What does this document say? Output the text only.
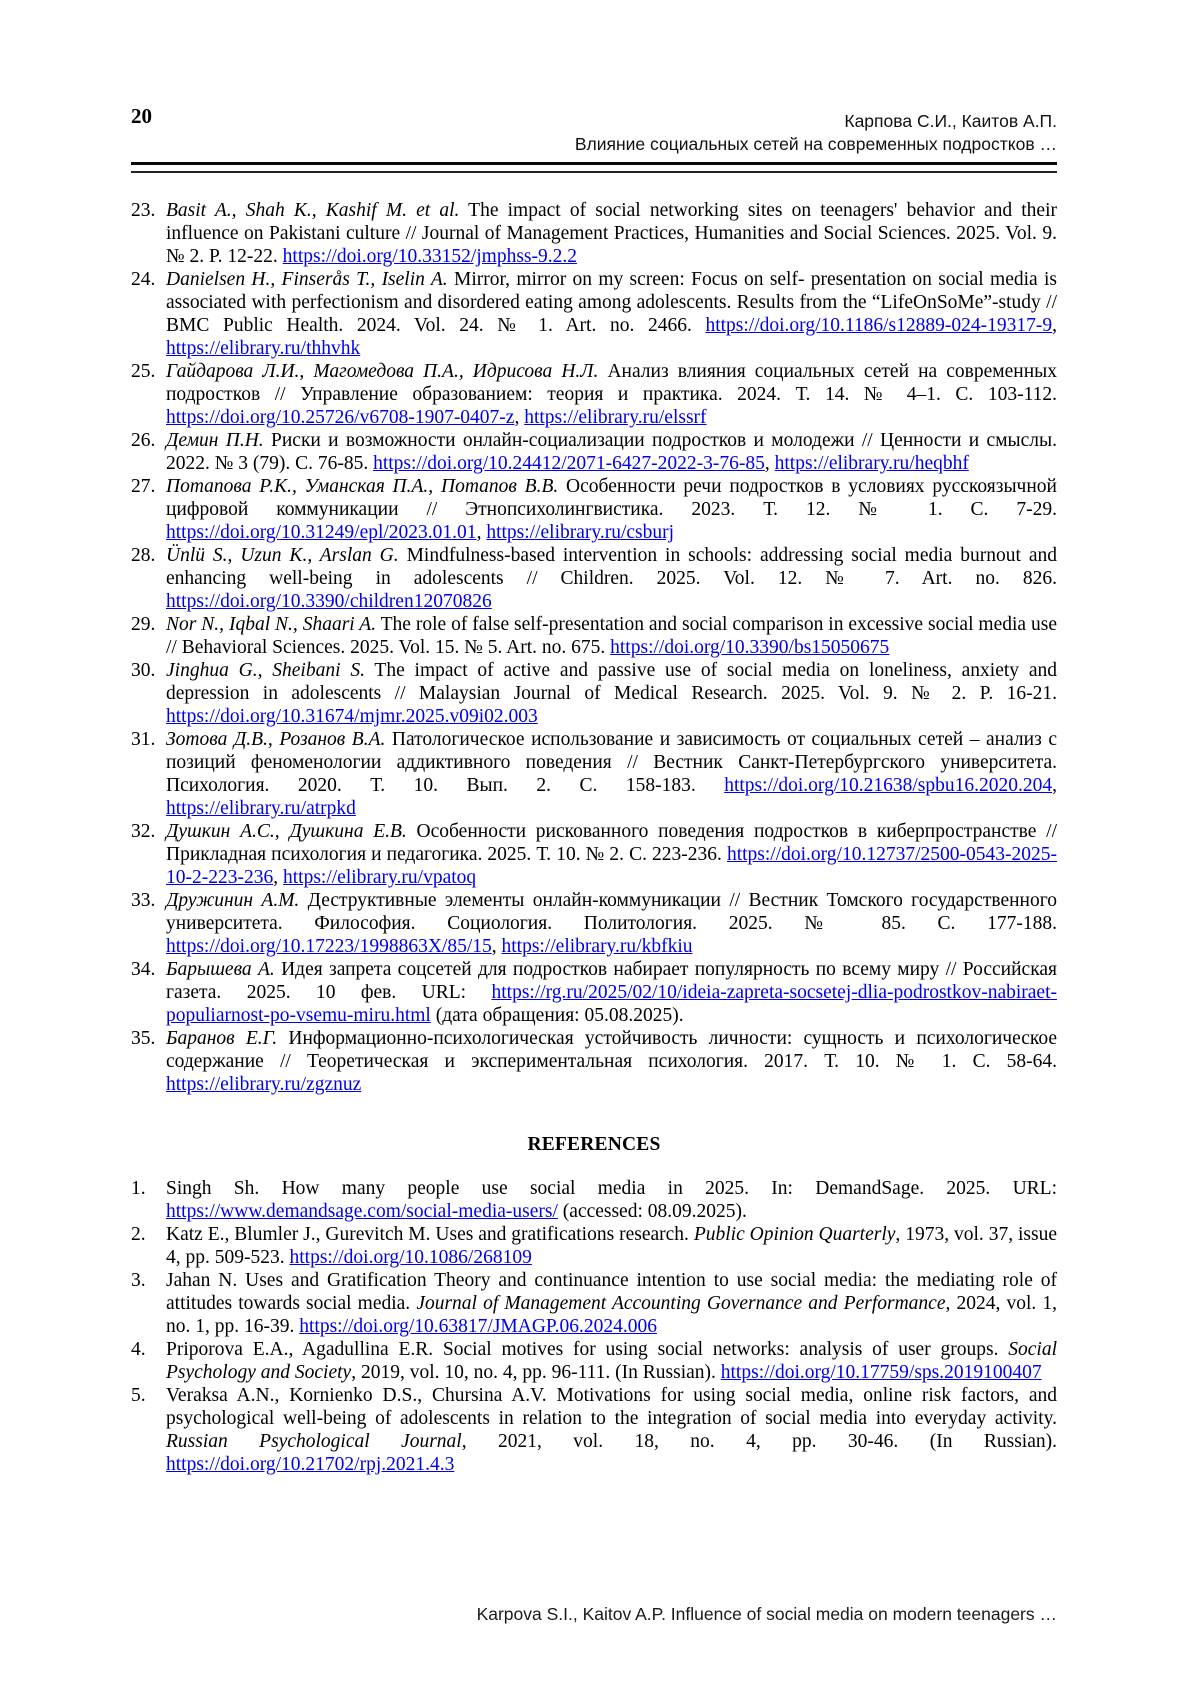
20	Карпова С.И., Каитов А.П.
Влияние социальных сетей на современных подростков …
23. Basit A., Shah K., Kashif M. et al. The impact of social networking sites on teenagers' behavior and their influence on Pakistani culture // Journal of Management Practices, Humanities and Social Sciences. 2025. Vol. 9. № 2. P. 12-22. https://doi.org/10.33152/jmphss-9.2.2
24. Danielsen H., Finserås T., Iselin A. Mirror, mirror on my screen: Focus on self- presentation on social media is associated with perfectionism and disordered eating among adolescents. Results from the “LifeOnSoMe”-study // BMC Public Health. 2024. Vol. 24. № 1. Art. no. 2466. https://doi.org/10.1186/s12889-024-19317-9, https://elibrary.ru/thhvhk
25. Гайдарова Л.И., Магомедова П.А., Идрисова Н.Л. Анализ влияния социальных сетей на современных подростков // Управление образованием: теория и практика. 2024. Т. 14. № 4–1. С. 103-112. https://doi.org/10.25726/v6708-1907-0407-z, https://elibrary.ru/elssrf
26. Демин П.Н. Риски и возможности онлайн-социализации подростков и молодежи // Ценности и смыслы. 2022. № 3 (79). С. 76-85. https://doi.org/10.24412/2071-6427-2022-3-76-85, https://elibrary.ru/heqbhf
27. Потапова Р.К., Уманская П.А., Потапов В.В. Особенности речи подростков в условиях русскоязычной цифровой коммуникации // Этнопсихолингвистика. 2023. Т. 12. № 1. С. 7-29. https://doi.org/10.31249/epl/2023.01.01, https://elibrary.ru/csburj
28. Ünlü S., Uzun K., Arslan G. Mindfulness-based intervention in schools: addressing social media burnout and enhancing well-being in adolescents // Children. 2025. Vol. 12. № 7. Art. no. 826. https://doi.org/10.3390/children12070826
29. Nor N., Iqbal N., Shaari A. The role of false self-presentation and social comparison in excessive social media use // Behavioral Sciences. 2025. Vol. 15. № 5. Art. no. 675. https://doi.org/10.3390/bs15050675
30. Jinghua G., Sheibani S. The impact of active and passive use of social media on loneliness, anxiety and depression in adolescents // Malaysian Journal of Medical Research. 2025. Vol. 9. № 2. P. 16-21. https://doi.org/10.31674/mjmr.2025.v09i02.003
31. Зотова Д.В., Розанов В.А. Патологическое использование и зависимость от социальных сетей – анализ с позиций феноменологии аддиктивного поведения // Вестник Санкт-Петербургского университета. Психология. 2020. Т. 10. Вып. 2. С. 158-183. https://doi.org/10.21638/spbu16.2020.204, https://elibrary.ru/atrpkd
32. Душкин А.С., Душкина Е.В. Особенности рискованного поведения подростков в киберпространстве // Прикладная психология и педагогика. 2025. Т. 10. № 2. С. 223-236. https://doi.org/10.12737/2500-0543-2025-10-2-223-236, https://elibrary.ru/vpatoq
33. Дружинин А.М. Деструктивные элементы онлайн-коммуникации // Вестник Томского государственного университета. Философия. Социология. Политология. 2025. № 85. С. 177-188. https://doi.org/10.17223/1998863X/85/15, https://elibrary.ru/kbfkiu
34. Барышева А. Идея запрета соцсетей для подростков набирает популярность по всему миру // Российская газета. 2025. 10 фев. URL: https://rg.ru/2025/02/10/ideia-zapreta-socsetej-dlia-podrostkov-nabiraet-populiarnost-po-vsemu-miru.html (дата обращения: 05.08.2025).
35. Баранов Е.Г. Информационно-психологическая устойчивость личности: сущность и психологическое содержание // Теоретическая и экспериментальная психология. 2017. Т. 10. № 1. С. 58-64. https://elibrary.ru/zgznuz
REFERENCES
1.	Singh Sh. How many people use social media in 2025. In: DemandSage. 2025. URL: https://www.demandsage.com/social-media-users/ (accessed: 08.09.2025).
2.	Katz E., Blumler J., Gurevitch M. Uses and gratifications research. Public Opinion Quarterly, 1973, vol. 37, issue 4, pp. 509-523. https://doi.org/10.1086/268109
3.	Jahan N. Uses and Gratification Theory and continuance intention to use social media: the mediating role of attitudes towards social media. Journal of Management Accounting Governance and Performance, 2024, vol. 1, no. 1, pp. 16-39. https://doi.org/10.63817/JMAGP.06.2024.006
4.	Priporova E.A., Agadullina E.R. Social motives for using social networks: analysis of user groups. Social Psychology and Society, 2019, vol. 10, no. 4, pp. 96-111. (In Russian). https://doi.org/10.17759/sps.2019100407
5.	Veraksa A.N., Kornienko D.S., Chursina A.V. Motivations for using social media, online risk factors, and psychological well-being of adolescents in relation to the integration of social media into everyday activity. Russian Psychological Journal, 2021, vol. 18, no. 4, pp. 30-46. (In Russian). https://doi.org/10.21702/rpj.2021.4.3
Karpova S.I., Kaitov A.P. Influence of social media on modern teenagers …
